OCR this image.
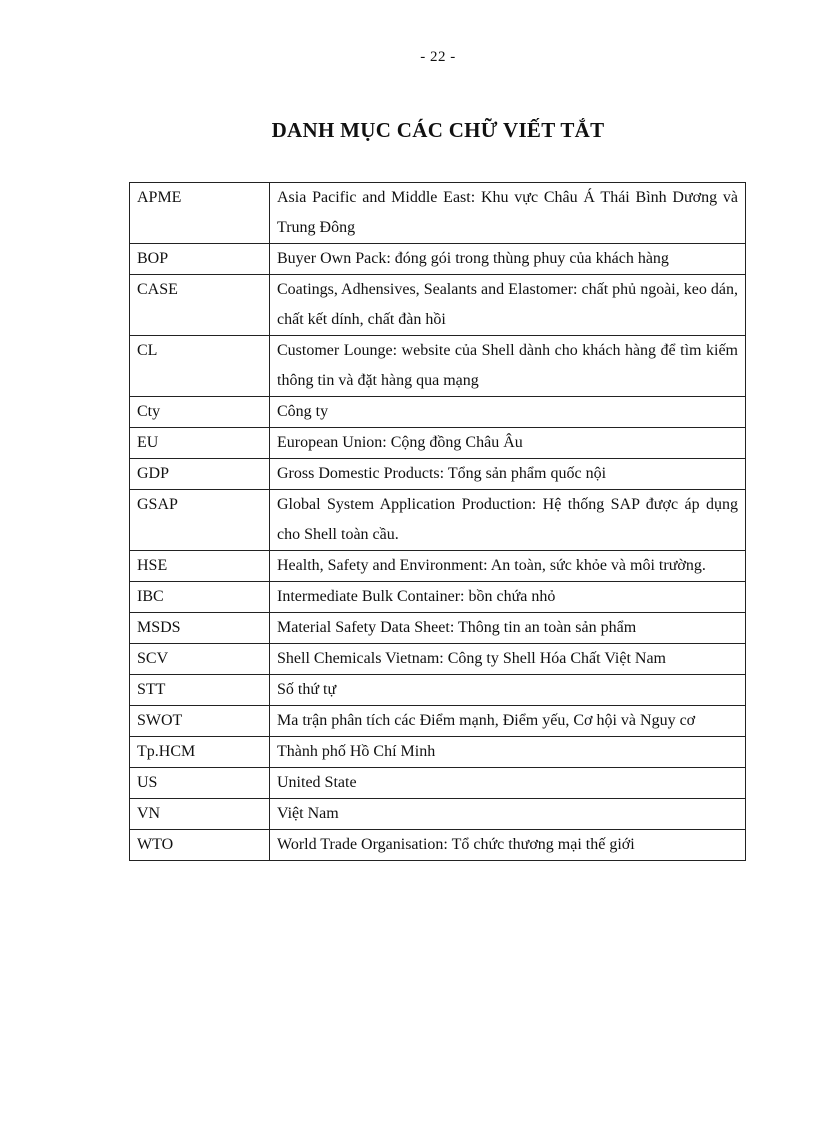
- 22 -
DANH MỤC CÁC CHỮ VIẾT TẮT
APME	Asia Pacific and Middle East: Khu vực Châu Á Thái Bình Dương và Trung Đông
BOP	Buyer Own Pack: đóng gói trong thùng phuy của khách hàng
CASE	Coatings, Adhensives, Sealants and Elastomer: chất phủ ngoài, keo dán, chất kết dính, chất đàn hồi
CL	Customer Lounge: website của Shell dành cho khách hàng để tìm kiếm thông tin và đặt hàng qua mạng
Cty	Công ty
EU	European Union: Cộng đồng Châu Âu
GDP	Gross Domestic Products: Tổng sản phẩm quốc nội
GSAP	Global System Application Production: Hệ thống SAP được áp dụng cho Shell toàn cầu.
HSE	Health, Safety and Environment: An toàn, sức khỏe và môi trường.
IBC	Intermediate Bulk Container: bồn chứa nhỏ
MSDS	Material Safety Data Sheet: Thông tin an toàn sản phẩm
SCV	Shell Chemicals Vietnam: Công ty Shell Hóa Chất Việt Nam
STT	Số thứ tự
SWOT	Ma trận phân tích các Điểm mạnh, Điểm yếu, Cơ hội và Nguy cơ
Tp.HCM	Thành phố Hồ Chí Minh
US	United State
VN	Việt Nam
WTO	World Trade Organisation: Tổ chức thương mại thế giới
